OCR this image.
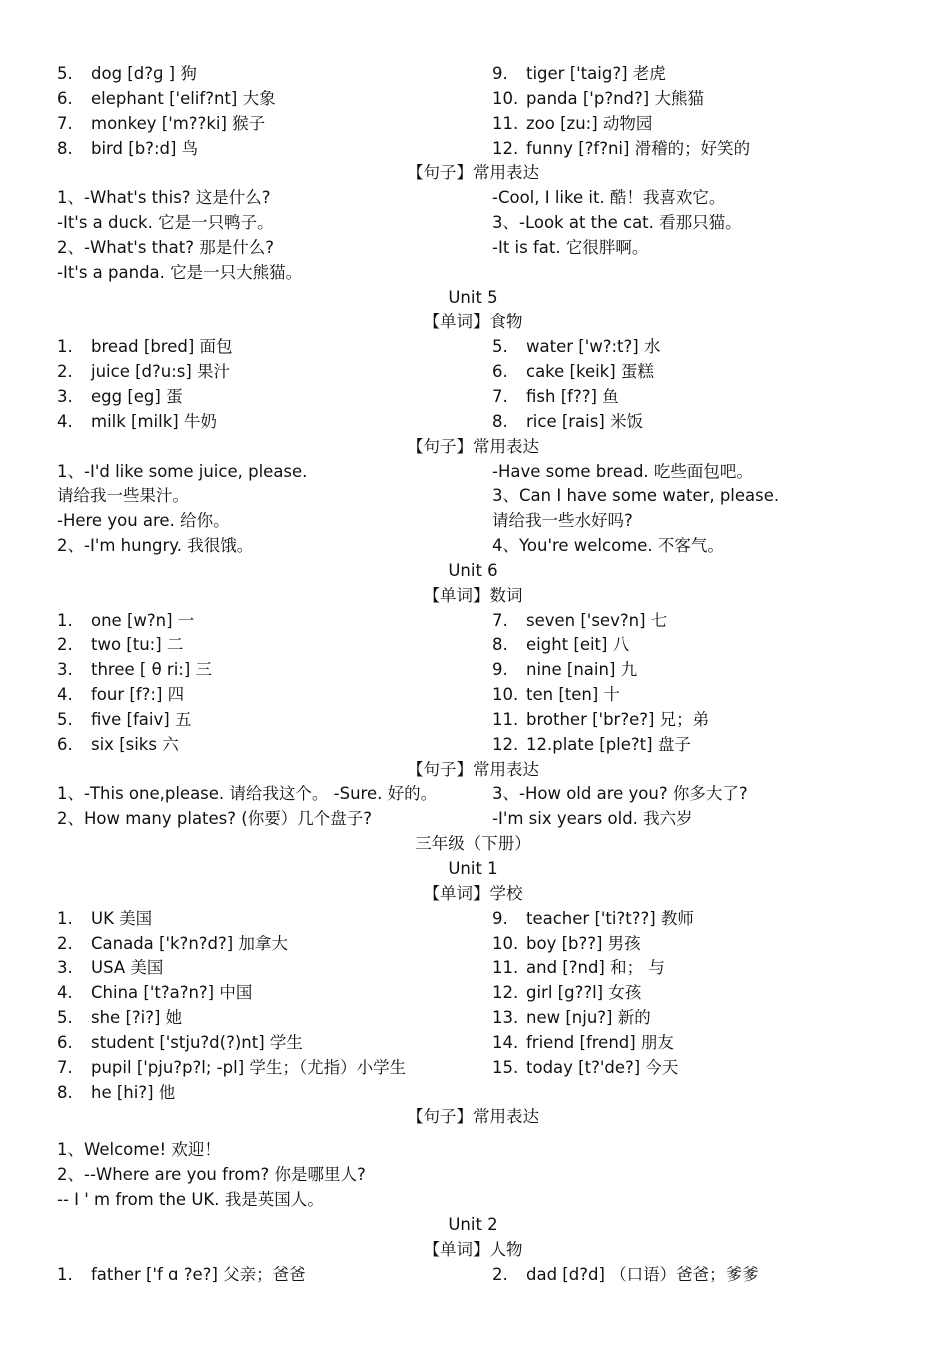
5. dog [d?ɡ ] 狗	9. tiger ['taig?] 老虎
6. elephant ['elif?nt] 大象	10. panda ['p?nd?] 大熊猫
7. monkey ['m??ki] 猴子	11. zoo [zu:] 动物园
8. bird [b?:d] 鸟	12. funny [?f?ni] 滑稽的；好笑的
【句子】常用表达
1、-What's this? 这是什么?	-Cool, I like it. 酷！我喜欢它。
-It's a duck. 它是一只鸭子。	3、-Look at the cat. 看那只猫。
2、-What's that? 那是什么?	-It is fat. 它很胖啊。
-It's a panda. 它是一只大熊猫。
Unit 5
【单词】食物
1. bread [bred] 面包	5. water ['w?:t?] 水
2. juice [d?u:s] 果汁	6. cake [keik] 蛋糕
3. egg [eg] 蛋	7. fish [f??] 鱼
4. milk [milk] 牛奶	8. rice [rais] 米饭
【句子】常用表达
1、-I'd like some juice, please.	-Have some bread. 吃些面包吧。
请给我一些果汁。	3、Can I have some water, please.
-Here you are. 给你。	请给我一些水好吗?
2、-I'm hungry. 我很饿。	4、You're welcome. 不客气。
Unit 6
【单词】数词
1. one [w?n] 一	7. seven ['sev?n] 七
2. two [tu:] 二	8. eight [eit] 八
3. three [ θ ri:] 三	9. nine [nain] 九
4. four [f?:] 四	10. ten [ten] 十
5. five [faiv] 五	11. brother ['br?e?] 兄；弟
6. six [siks 六	12. 12.plate [ple?t] 盘子
【句子】常用表达
1、-This one,please. 请给我这个。 -Sure. 好的。	3、-How old are you? 你多大了?
2、How many plates? (你要）几个盘子?	-I'm six years old. 我六岁
三年级（下册）
Unit 1
【单词】学校
1. UK 美国	9. teacher ['ti?t??] 教师
2. Canada ['k?n?d?] 加拿大	10. boy [b??] 男孩
3. USA 美国	11. and [?nd] 和； 与
4. China ['t?a?n?] 中国	12. girl [g??l] 女孩
5. she [?i?] 她	13. new [nju?] 新的
6. student ['stju?d(?)nt] 学生	14. friend [frend] 朋友
7. pupil ['pju?p?l; -pl] 学生；（尤指）小学生	15. today [t?'de?] 今天
8. he [hi?] 他
【句子】常用表达
1、Welcome! 欢迎！
2、--Where are you from? 你是哪里人?
-- I ' m from the UK. 我是英国人。
Unit 2
【单词】人物
1. father ['f ɑ ?e?] 父亲；爸爸	2. dad [d?d] （口语）爸爸；爹爹
